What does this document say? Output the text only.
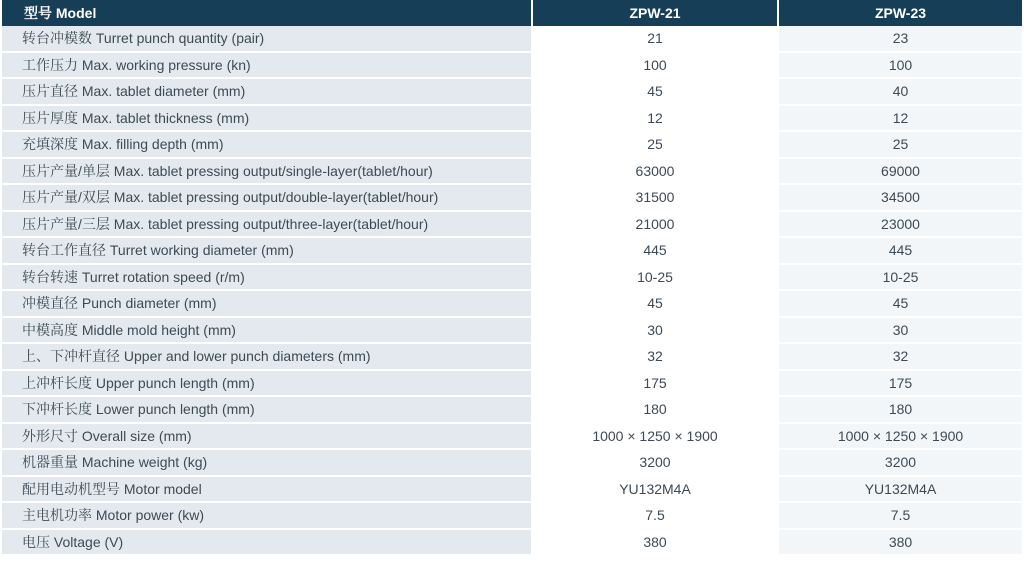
型号 Model	ZPW-21	ZPW-23
转台冲模数 Turret punch quantity (pair)	21	23
工作压力 Max. working pressure (kn)	100	100
压片直径 Max. tablet diameter (mm)	45	40
压片厚度 Max. tablet thickness (mm)	12	12
充填深度 Max. filling depth (mm)	25	25
压片产量/单层 Max. tablet pressing output/single-layer(tablet/hour)	63000	69000
压片产量/双层 Max. tablet pressing output/double-layer(tablet/hour)	31500	34500
压片产量/三层 Max. tablet pressing output/three-layer(tablet/hour)	21000	23000
转台工作直径 Turret working diameter (mm)	445	445
转台转速 Turret rotation speed (r/m)	10-25	10-25
冲模直径 Punch diameter (mm)	45	45
中模高度 Middle mold height (mm)	30	30
上、下冲杆直径 Upper and lower punch diameters (mm)	32	32
上冲杆长度 Upper punch length (mm)	175	175
下冲杆长度 Lower punch length (mm)	180	180
外形尺寸 Overall size (mm)	1000 × 1250 × 1900	1000 × 1250 × 1900
机器重量 Machine weight (kg)	3200	3200
配用电动机型号 Motor model	YU132M4A	YU132M4A
主电机功率 Motor power (kw)	7.5	7.5
电压 Voltage (V)	380	380
